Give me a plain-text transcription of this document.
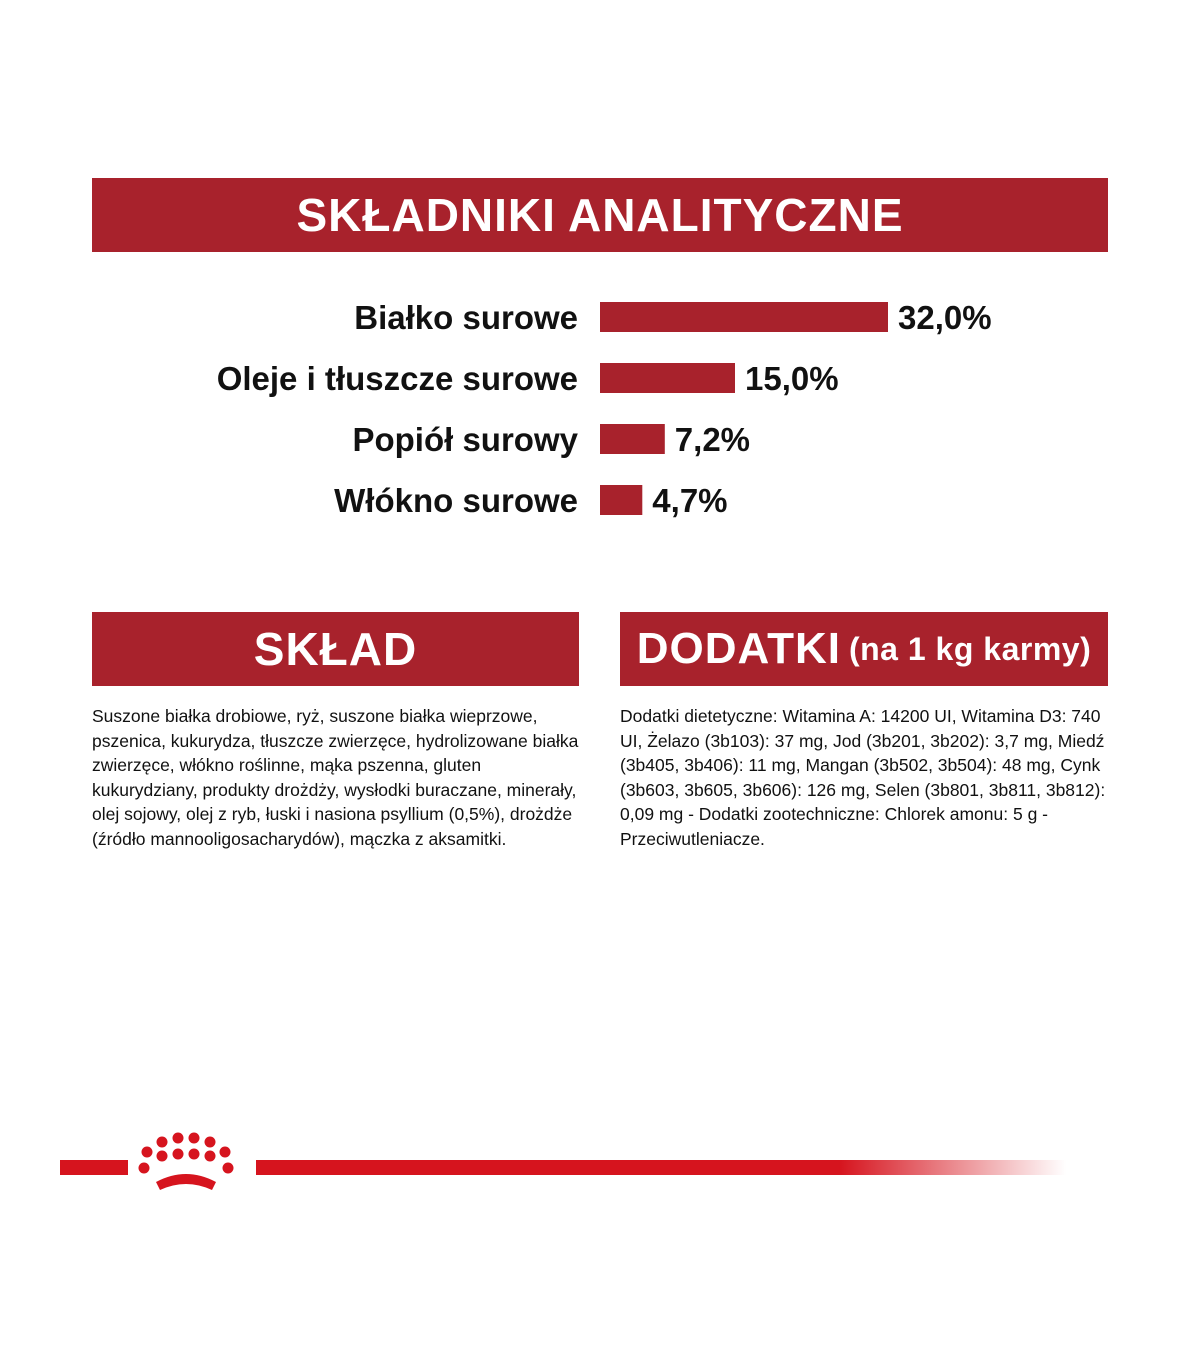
SKŁADNIKI ANALITYCZNE
Białko surowe	32,0%
Oleje i tłuszcze surowe	15,0%
Popiół surowy	7,2%
Włókno surowe 4,7%
SKŁAD

Suszone białka drobiowe, ryż, suszone białka wieprzowe, pszenica, kukurydza, tłuszcze zwierzęce, hydrolizowane białka zwierzęce, włókno roślinne, mąka pszenna, gluten kukurydziany, produkty drożdży, wysłodki buraczane, minerały, olej sojowy, olej z ryb, łuski i nasiona psyllium (0,5%), drożdże (źródło mannooligosacharydów), mączka z aksamitki.

DODATKI (na 1 kg karmy)

Dodatki dietetyczne: Witamina A: 14200 UI, Witamina D3: 740 UI, Żelazo (3b103): 37 mg, Jod (3b201, 3b202): 3,7 mg, Miedź (3b405, 3b406): 11 mg, Mangan (3b502, 3b504): 48 mg, Cynk (3b603, 3b605, 3b606): 126 mg, Selen (3b801, 3b811, 3b812): 0,09 mg - Dodatki zootechniczne: Chlorek amonu: 5 g - Przeciwutleniacze.
